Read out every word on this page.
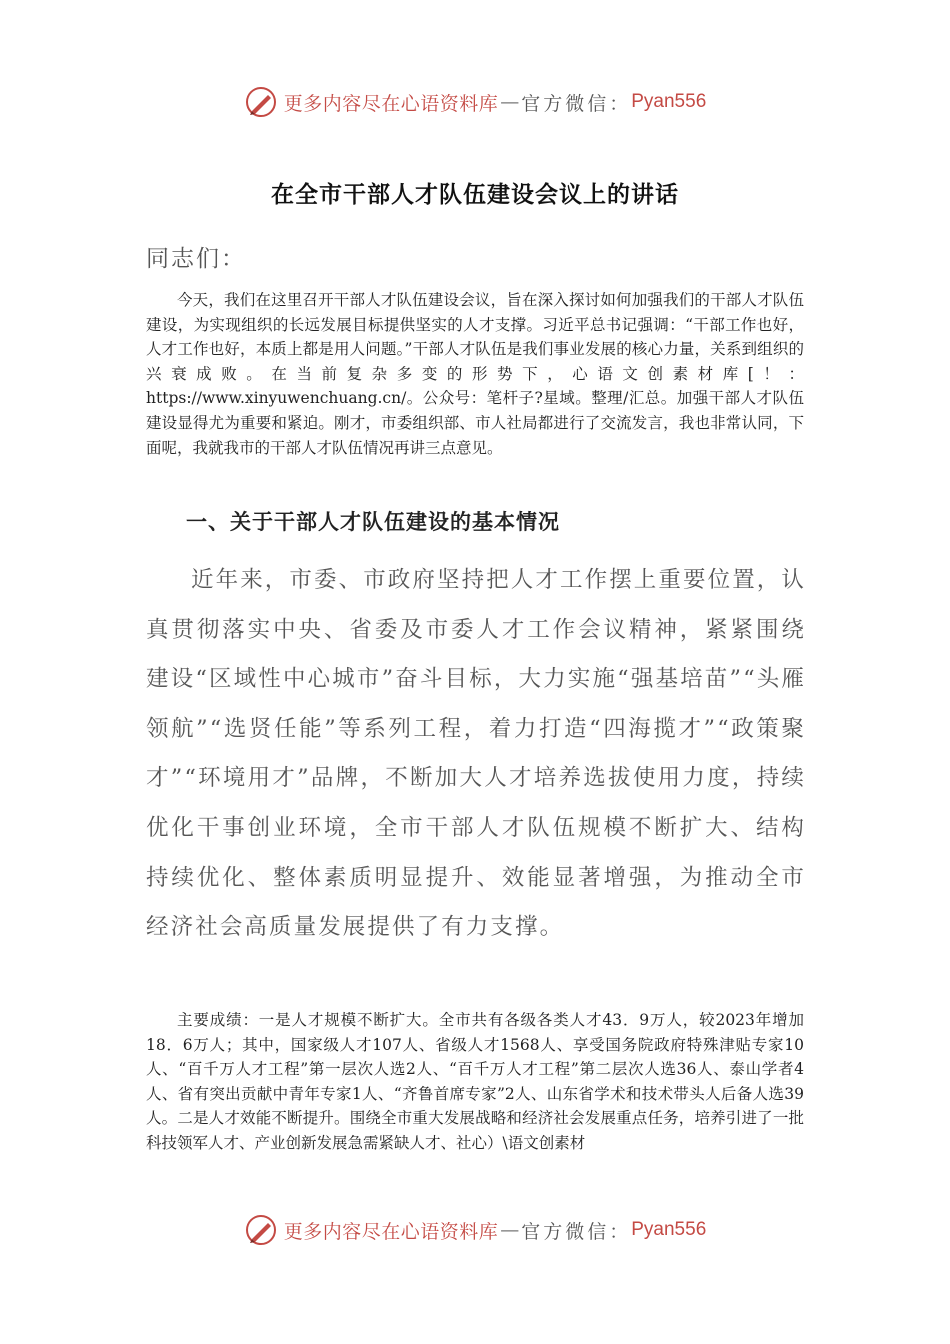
更多内容尽在心语资料库 — 官方微信： Pyan556
在全市干部人才队伍建设会议上的讲话
同志们：

今天，我们在这里召开干部人才队伍建设会议，旨在深入探讨如何加强我们的干部人才队伍建设，为实现组织的长远发展目标提供坚实的人才支撑。习近平总书记强调：“干部工作也好，人才工作也好，本质上都是用人问题。”干部人才队伍是我们事业发展的核心力量，关系到组织的兴衰成败。在当前复杂多变的形势下，心语文创素材库[！：https://www.xinyuwenchuang.cn/。公众号：笔杆子?星域。整理/汇总。加强干部人才队伍建设显得尤为重要和紧迫。刚才，市委组织部、市人社局都进行了交流发言，我也非常认同，下面呢，我就我市的干部人才队伍情况再讲三点意见。

一、关于干部人才队伍建设的基本情况

近年来，市委、市政府坚持把人才工作摆上重要位置，认真贯彻落实中央、省委及市委人才工作会议精神，紧紧围绕建设“区域性中心城市”奋斗目标，大力实施“强基培苗”“头雁领航”“选贤任能”等系列工程，着力打造“四海揽才”“政策聚才”“环境用才”品牌，不断加大人才培养选拔使用力度，持续优化干事创业环境，全市干部人才队伍规模不断扩大、结构持续优化、整体素质明显提升、效能显著增强，为推动全市经济社会高质量发展提供了有力支撑。

主要成绩：一是人才规模不断扩大。全市共有各级各类人才43．9万人，较2023年增加18．6万人；其中，国家级人才107人、省级人才1568人、享受国务院政府特殊津贴专家10人、“百千万人才工程”第一层次人选2人、“百千万人才工程”第二层次人选36人、泰山学者4人、省有突出贡献中青年专家1人、“齐鲁首席专家”2人、山东省学术和技术带头人后备人选39人。二是人才效能不断提升。围绕全市重大发展战略和经济社会发展重点任务，培养引进了一批科技领军人才、产业创新发展急需紧缺人才、社心）\语文创素材

更多内容尽在心语资料库 — 官方微信： Pyan556
